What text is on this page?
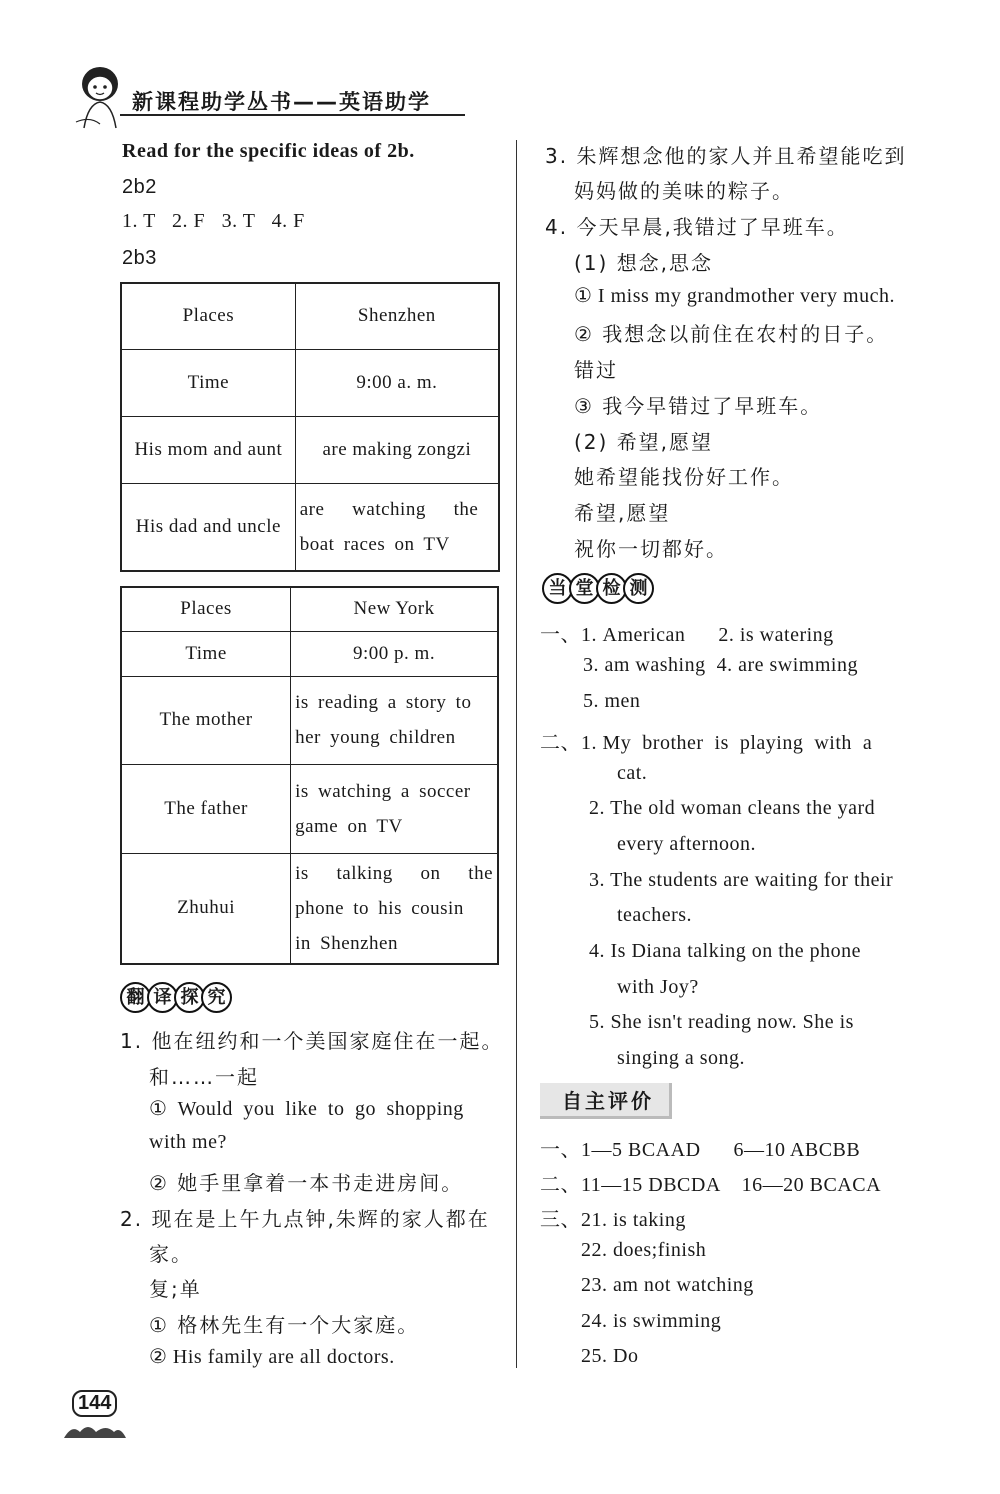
新课程助学丛书——英语助学
Read for the specific ideas of 2b.
2b2
1. T   2. F   3. T   4. F
2b3
Places	Shenzhen
Time	9:00 a. m.
His mom and aunt	are making zongzi
His dad and uncle	are   watching   the
boat races on TV
Places	New York
Time	9:00 p. m.
The mother	is reading a story to
her young children

The father	is watching a soccer
game on TV

Zhuhui	is   talking   on   the
phone to his cousin
in Shenzhen
翻 译 探 究
1. 他在纽约和一个美国家庭住在一起。
和……一起
① Would you like to go shopping
with me?
② 她手里拿着一本书走进房间。
2. 现在是上午九点钟,朱辉的家人都在
家。
复;单
① 格林先生有一个大家庭。
② His family are all doctors.
3. 朱辉想念他的家人并且希望能吃到
妈妈做的美味的粽子。
4. 今天早晨,我错过了早班车。
(1) 想念,思念
① I miss my grandmother very much.
② 我想念以前住在农村的日子。
错过
③ 我今早错过了早班车。
(2) 希望,愿望
她希望能找份好工作。
希望,愿望
祝你一切都好。
当 堂 检 测
一、1. American      2. is watering
3. am washing  4. are swimming
5. men
二、1. My  brother  is  playing  with  a
cat.
2. The old woman cleans the yard
every afternoon.
3. The students are waiting for their
teachers.
4. Is Diana talking on the phone
with Joy?
5. She isn't reading now. She is
singing a song.
自主评价
一、1—5 BCAAD      6—10 ABCBB
二、11—15 DBCDA    16—20 BCACA
三、21. is taking
22. does;finish
23. am not watching
24. is swimming
25. Do
144
